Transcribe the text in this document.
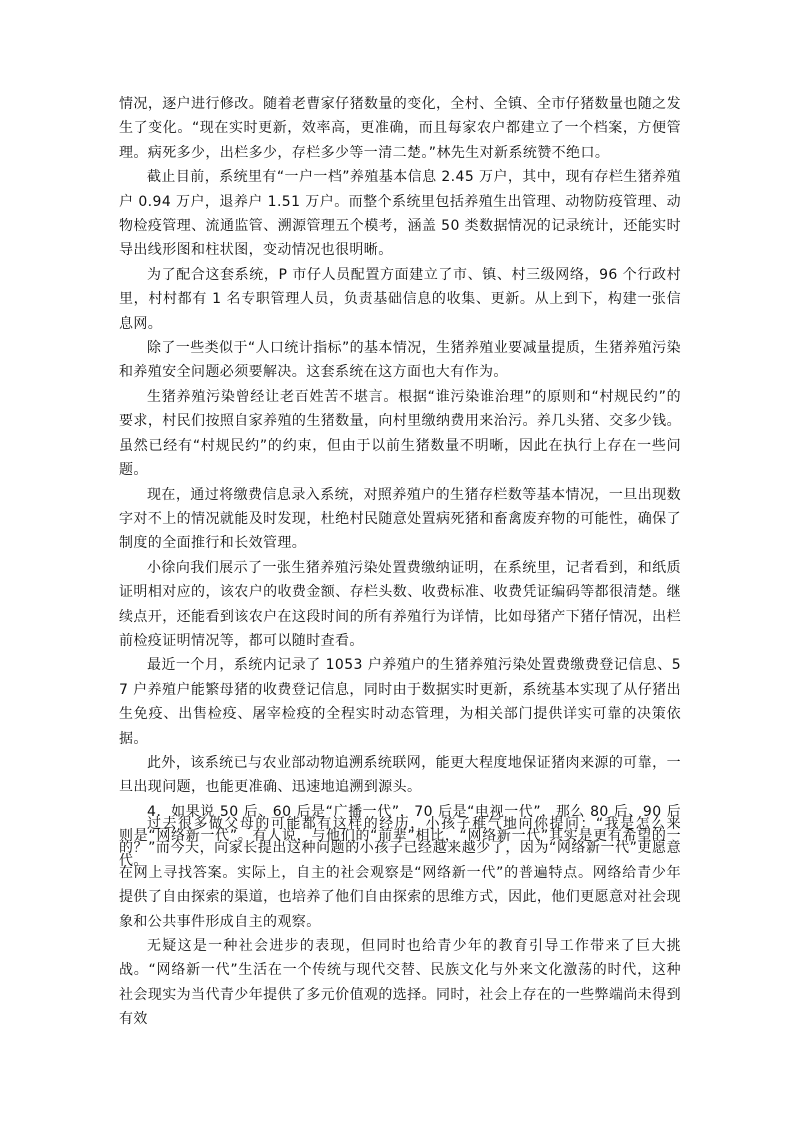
情况，逐户进行修改。随着老曹家仔猪数量的变化，全村、全镇、全市仔猪数量也随之发生了变化。“现在实时更新，效率高，更准确，而且每家农户都建立了一个档案，方便管理。病死多少，出栏多少，存栏多少等一清二楚。”林先生对新系统赞不绝口。

截止目前，系统里有“一户一档”养殖基本信息 2.45 万户，其中，现有存栏生猪养殖户 0.94 万户，退养户 1.51 万户。而整个系统里包括养殖生出管理、动物防疫管理、动物检疫管理、流通监管、溯源管理五个模考，涵盖 50 类数据情况的记录统计，还能实时导出线形图和柱状图，变动情况也很明晰。

为了配合这套系统，P 市仔人员配置方面建立了市、镇、村三级网络，96 个行政村里，村村都有 1 名专职管理人员，负责基础信息的收集、更新。从上到下，构建一张信息网。

除了一些类似于“人口统计指标”的基本情况，生猪养殖业要减量提质，生猪养殖污染和养殖安全问题必须要解决。这套系统在这方面也大有作为。

生猪养殖污染曾经让老百姓苦不堪言。根据“谁污染谁治理”的原则和“村规民约”的要求，村民们按照自家养殖的生猪数量，向村里缴纳费用来治污。养几头猪、交多少钱。虽然已经有“村规民约”的约束，但由于以前生猪数量不明晰，因此在执行上存在一些问题。

现在，通过将缴费信息录入系统，对照养殖户的生猪存栏数等基本情况，一旦出现数字对不上的情况就能及时发现，杜绝村民随意处置病死猪和畜禽废弃物的可能性，确保了制度的全面推行和长效管理。

小徐向我们展示了一张生猪养殖污染处置费缴纳证明，在系统里，记者看到，和纸质证明相对应的，该农户的收费金额、存栏头数、收费标准、收费凭证编码等都很清楚。继续点开，还能看到该农户在这段时间的所有养殖行为详情，比如母猪产下猪仔情况，出栏前检疫证明情况等，都可以随时查看。

最近一个月，系统内记录了 1053 户养殖户的生猪养殖污染处置费缴费登记信息、57 户养殖户能繁母猪的收费登记信息，同时由于数据实时更新，系统基本实现了从仔猪出生免疫、出售检疫、屠宰检疫的全程实时动态管理，为相关部门提供详实可靠的决策依据。

此外，该系统已与农业部动物追溯系统联网，能更大程度地保证猪肉来源的可靠，一旦出现问题，也能更准确、迅速地追溯到源头。

4．如果说 50 后、60 后是“广播一代”，70 后是“电视一代”，那么 80 后、90 后则是“网络新一代”。有人说，与他们的“前辈”相比，“网络新一代”其实是更有希望的一代。

过去很多做父母的可能都有这样的经历，小孩子稚气地向你提问：“我是怎么来的？”而今天，向家长提出这种问题的小孩子已经越来越少了，因为“网络新一代”更愿意在网上寻找答案。实际上，自主的社会观察是“网络新一代”的普遍特点。网络给青少年提供了自由探索的渠道，也培养了他们自由探索的思维方式，因此，他们更愿意对社会现象和公共事件形成自主的观察。

无疑这是一种社会进步的表现，但同时也给青少年的教育引导工作带来了巨大挑战。“网络新一代”生活在一个传统与现代交替、民族文化与外来文化激荡的时代，这种社会现实为当代青少年提供了多元价值观的选择。同时，社会上存在的一些弊端尚未得到有效
